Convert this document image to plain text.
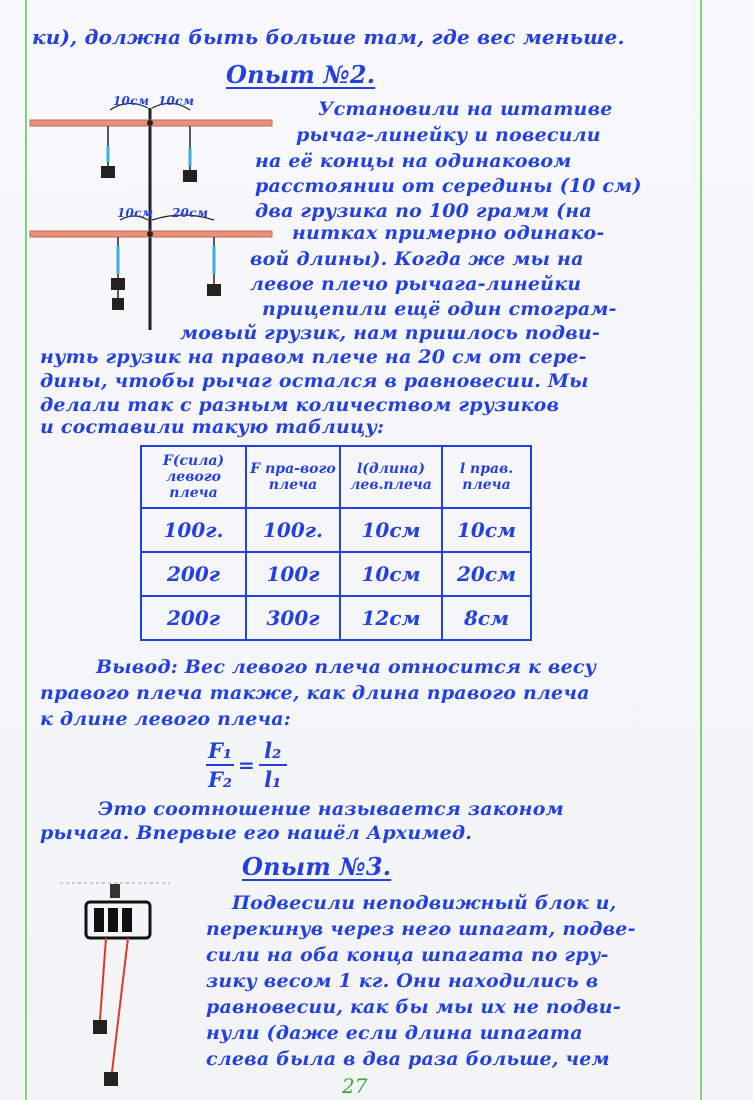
ки), должна быть больше там, где вес меньше.
Опыт №2.
10см 10см
10см 20см
Установили на штативе
рычаг-линейку и повесили
на её концы на одинаковом
расстоянии от середины (10 см)
два грузика по 100 грамм (на
нитках примерно одинако-
вой длины). Когда же мы на
левое плечо рычага-линейки
прицепили ещё один стограм-
мовый грузик, нам пришлось подви-
нуть грузик на правом плече на 20 см от сере-
дины, чтобы рычаг остался в равновесии. Мы
делали так с разным количеством грузиков
и составили такую таблицу:
F(сила) левого плеча	F пра-вого плеча	l(длина) лев.плеча	l прав. плеча
100г.	100г.	10см	10см
200г	100г	10см	20см
200г	300г	12см	8см
Вывод: Вес левого плеча относится к весу
правого плеча также, как длина правого плеча
к длине левого плеча:
$\frac{\text{F₁}}{\text{F₂}} = \frac{\text{l₂}}{\text{l₁}}$
Это соотношение называется законом
рычага. Впервые его нашёл Архимед.
Опыт №3.
Подвесили неподвижный блок и,
перекинув через него шпагат, подве-
сили на оба конца шпагата по гру-
зику весом 1 кг. Они находились в
равновесии, как бы мы их не подви-
нули (даже если длина шпагата
слева была в два раза больше, чем
27
